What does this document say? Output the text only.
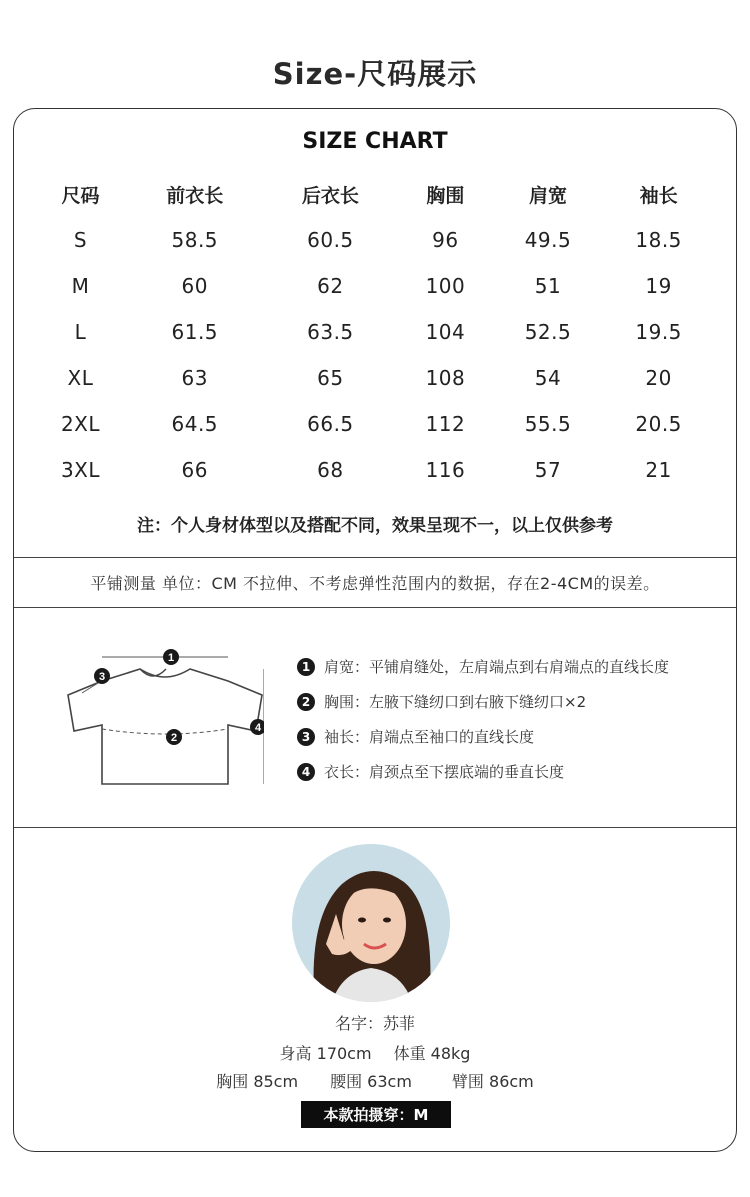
Size-尺码展示
SIZE CHART
尺码	前衣长	后衣长	胸围	肩宽	袖长
S	58.5	60.5	96	49.5	18.5
M	60	62	100	51	19
L	61.5	63.5	104	52.5	19.5
XL	63	65	108	54	20
2XL	64.5	66.5	112	55.5	20.5
3XL	66	68	116	57	21
注：个人身材体型以及搭配不同，效果呈现不一，以上仅供参考
平铺测量 单位：CM 不拉伸、不考虑弹性范围内的数据，存在2-4CM的误差。
1
2
3
4
1 肩宽：平铺肩缝处，左肩端点到右肩端点的直线长度
2 胸围：左腋下缝纫口到右腋下缝纫口×2
3 袖长：肩端点至袖口的直线长度
4 衣长：肩颈点至下摆底端的垂直长度
名字：苏菲
身高 170cm 体重 48kg
胸围 85cm 腰围 63cm	臂围 86cm
本款拍摄穿：M
